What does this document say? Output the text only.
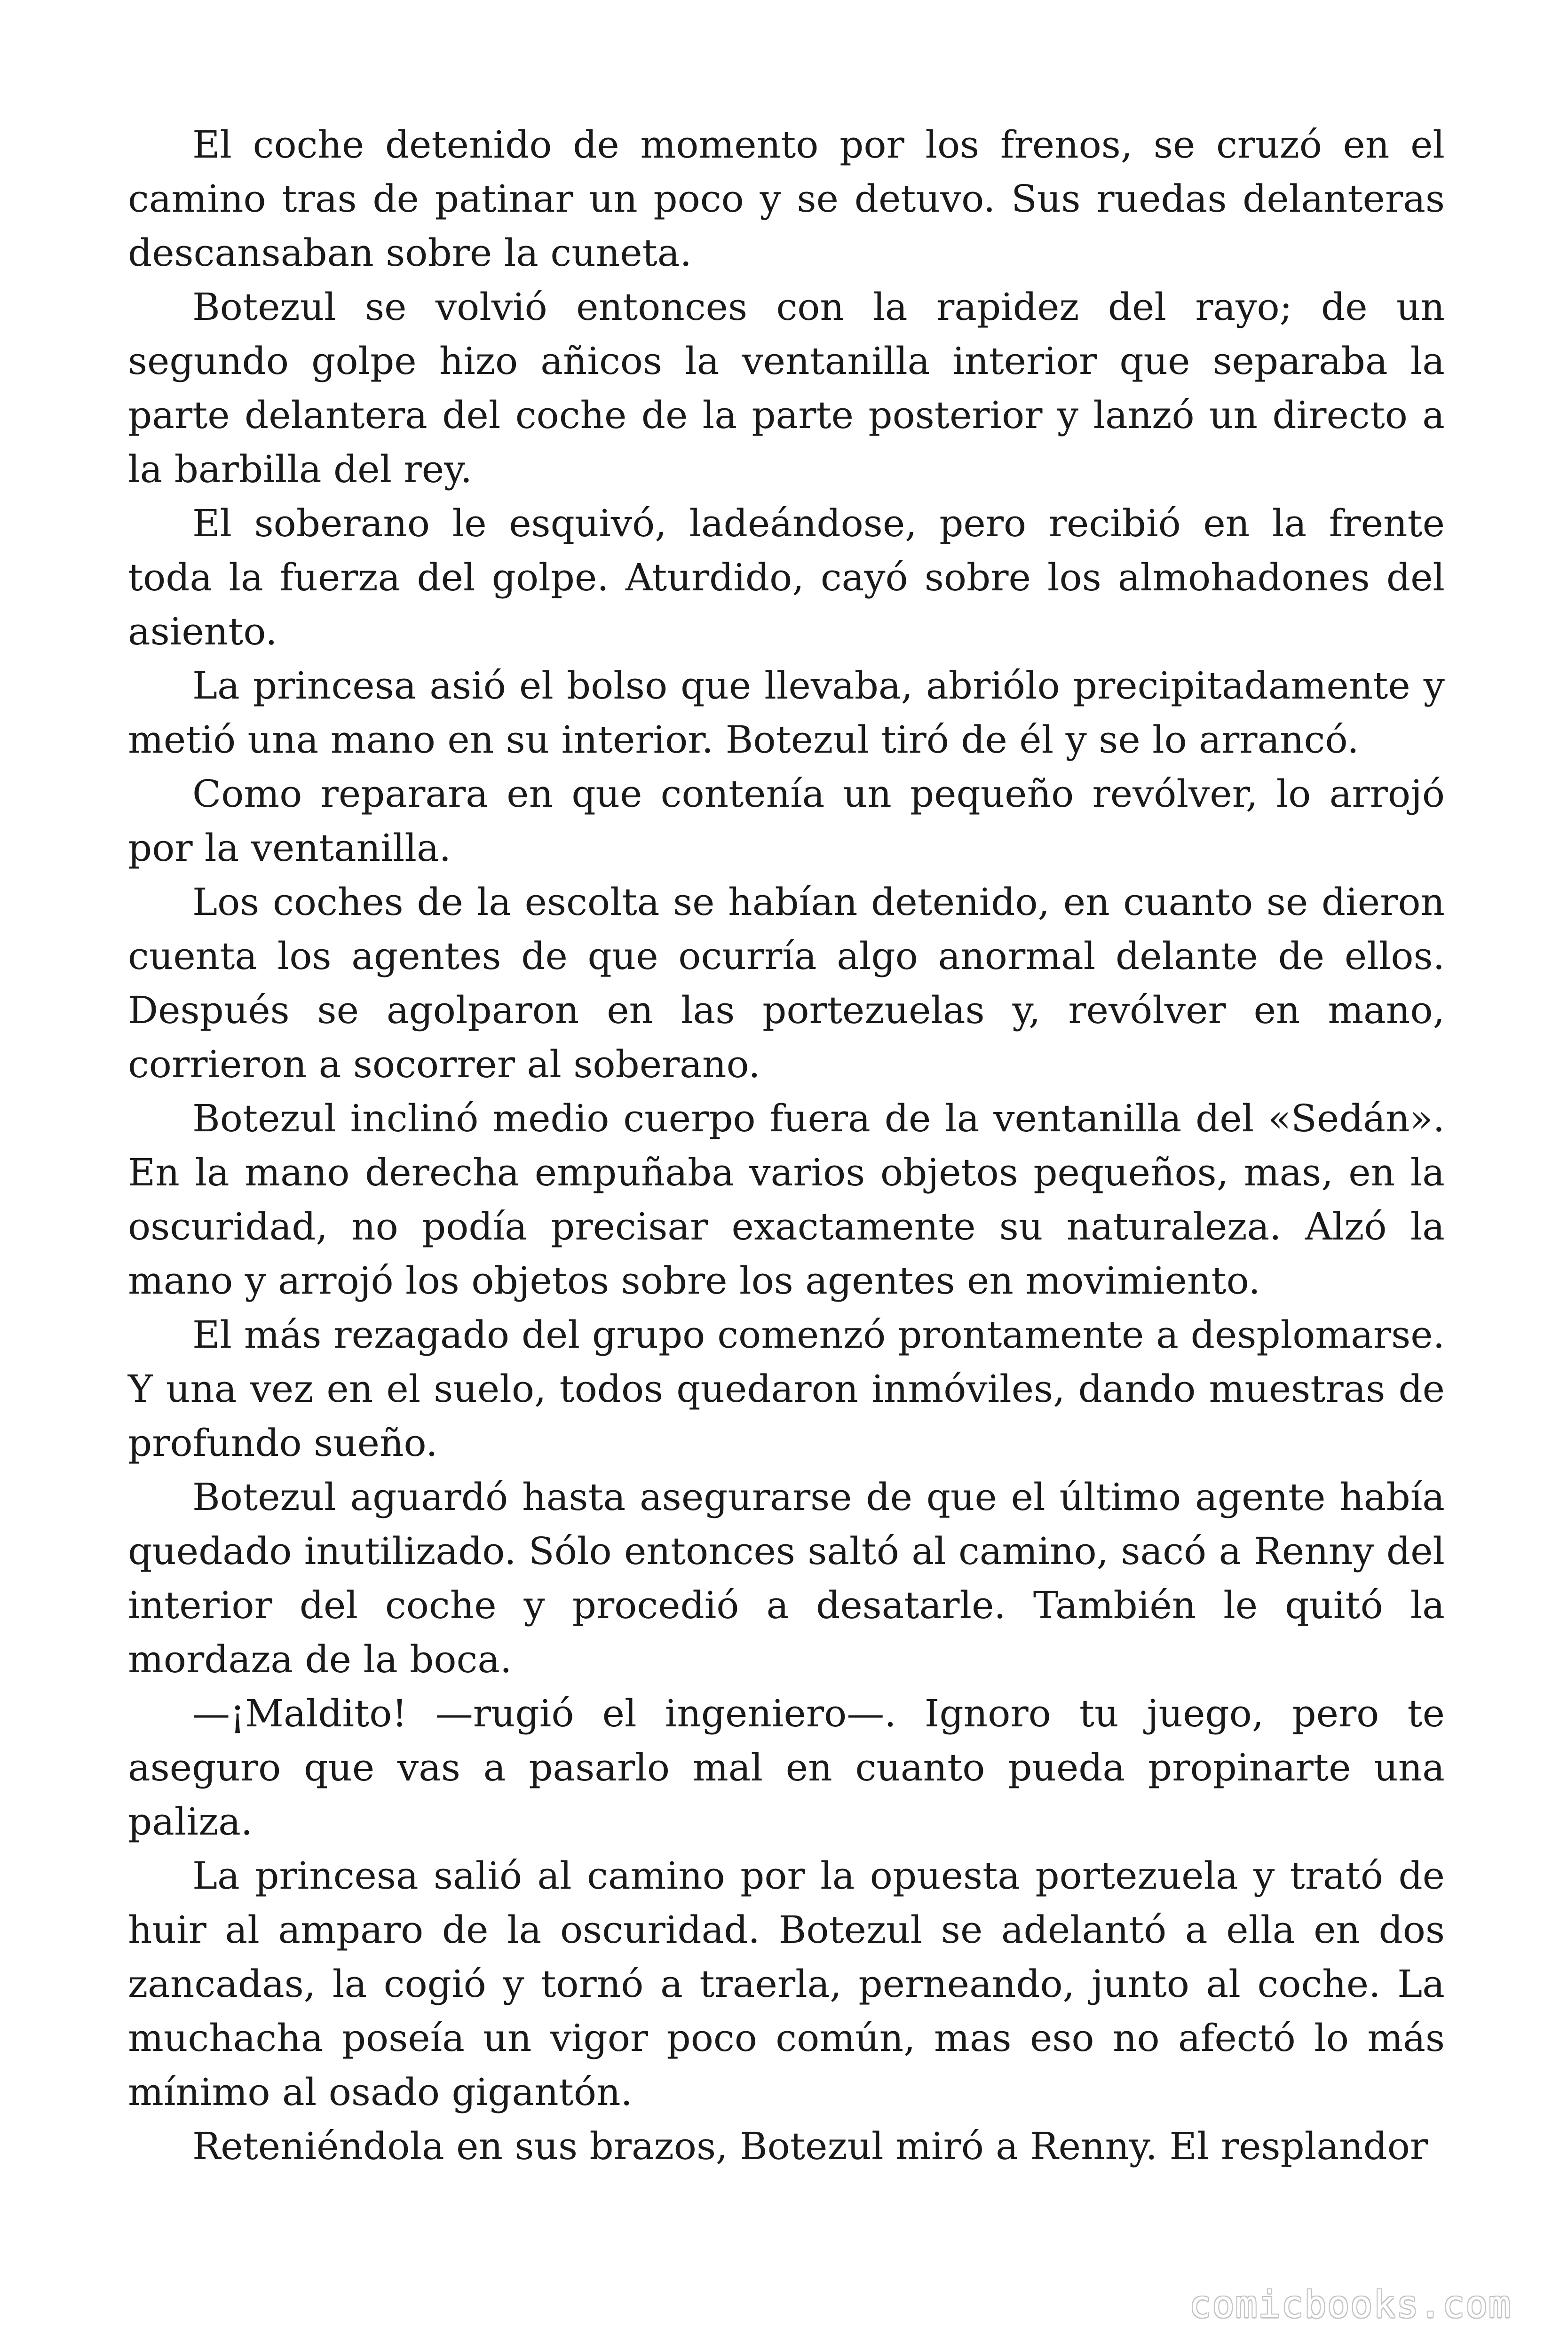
El coche detenido de momento por los frenos, se cruzó en el camino tras de patinar un poco y se detuvo. Sus ruedas delanteras descansaban sobre la cuneta.

Botezul se volvió entonces con la rapidez del rayo; de un segundo golpe hizo añicos la ventanilla interior que separaba la parte delantera del coche de la parte posterior y lanzó un directo a la barbilla del rey.

El soberano le esquivó, ladeándose, pero recibió en la frente toda la fuerza del golpe. Aturdido, cayó sobre los almohadones del asiento.

La princesa asió el bolso que llevaba, abriólo precipitadamente y metió una mano en su interior. Botezul tiró de él y se lo arrancó.

Como reparara en que contenía un pequeño revólver, lo arrojó por la ventanilla.

Los coches de la escolta se habían detenido, en cuanto se dieron cuenta los agentes de que ocurría algo anormal delante de ellos. Después se agolparon en las portezuelas y, revólver en mano, corrieron a socorrer al soberano.

Botezul inclinó medio cuerpo fuera de la ventanilla del «Sedán». En la mano derecha empuñaba varios objetos pequeños, mas, en la oscuridad, no podía precisar exactamente su naturaleza. Alzó la mano y arrojó los objetos sobre los agentes en movimiento.

El más rezagado del grupo comenzó prontamente a desplomarse. Y una vez en el suelo, todos quedaron inmóviles, dando muestras de profundo sueño.

Botezul aguardó hasta asegurarse de que el último agente había quedado inutilizado. Sólo entonces saltó al camino, sacó a Renny del interior del coche y procedió a desatarle. También le quitó la mordaza de la boca.

—¡Maldito! —rugió el ingeniero—. Ignoro tu juego, pero te aseguro que vas a pasarlo mal en cuanto pueda propinarte una paliza.

La princesa salió al camino por la opuesta portezuela y trató de huir al amparo de la oscuridad. Botezul se adelantó a ella en dos zancadas, la cogió y tornó a traerla, perneando, junto al coche. La muchacha poseía un vigor poco común, mas eso no afectó lo más mínimo al osado gigantón.

Reteniéndola en sus brazos, Botezul miró a Renny. El resplandor

comicbooks.com
